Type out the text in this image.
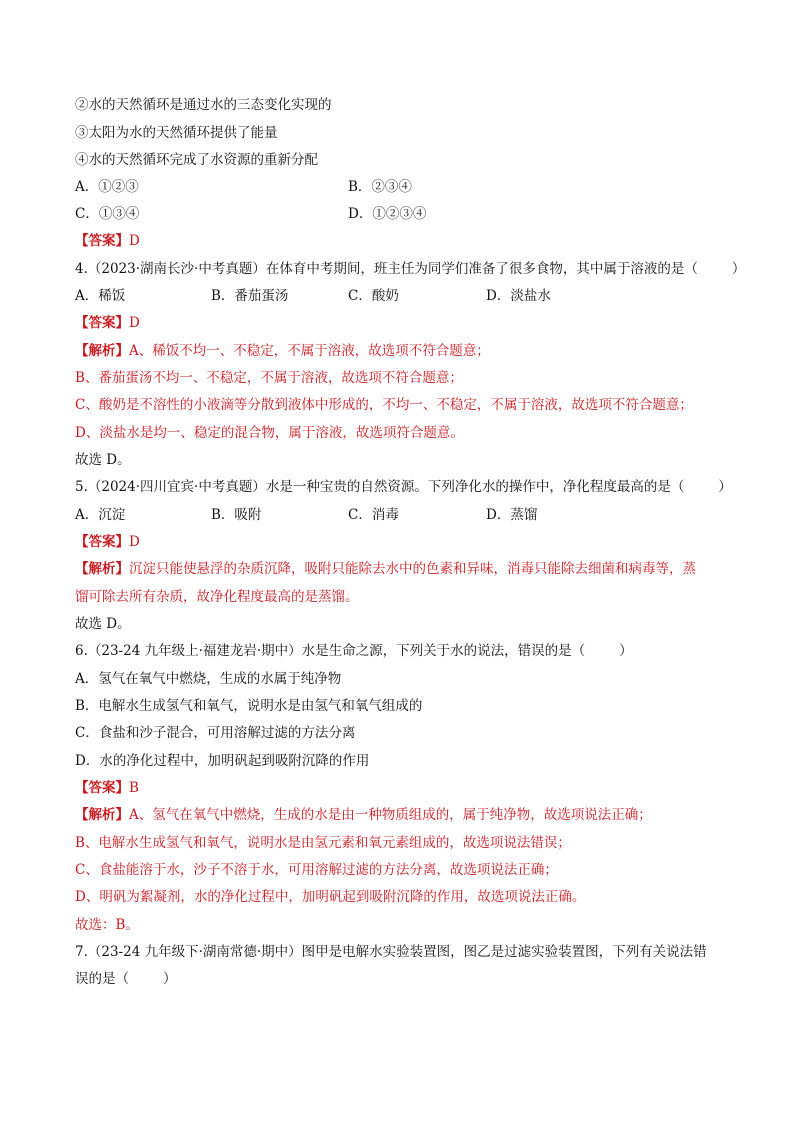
②水的天然循环是通过水的三态变化实现的
③太阳为水的天然循环提供了能量
④水的天然循环完成了水资源的重新分配
A．①②③	B．②③④
C．①③④	D．①②③④
【答案】D
4.（2023·湖南长沙·中考真题）在体育中考期间，班主任为同学们准备了很多食物，其中属于溶液的是（	）
A．稀饭	B．番茄蛋汤	C．酸奶	D．淡盐水
【答案】D
【解析】A、稀饭不均一、不稳定，不属于溶液，故选项不符合题意；
B、番茄蛋汤不均一、不稳定，不属于溶液，故选项不符合题意；
C、酸奶是不溶性的小液滴等分散到液体中形成的，不均一、不稳定，不属于溶液，故选项不符合题意；
D、淡盐水是均一、稳定的混合物，属于溶液，故选项符合题意。
故选 D。
5.（2024·四川宜宾·中考真题）水是一种宝贵的自然资源。下列净化水的操作中，净化程度最高的是（	）
A．沉淀	B．吸附	C．消毒	D．蒸馏
【答案】D
【解析】沉淀只能使悬浮的杂质沉降，吸附只能除去水中的色素和异味，消毒只能除去细菌和病毒等，蒸
馏可除去所有杂质，故净化程度最高的是蒸馏。
故选 D。
6.（23-24 九年级上·福建龙岩·期中）水是生命之源，下列关于水的说法，错误的是（	）
A．氢气在氧气中燃烧，生成的水属于纯净物
B．电解水生成氢气和氧气，说明水是由氢气和氧气组成的
C．食盐和沙子混合，可用溶解过滤的方法分离
D．水的净化过程中，加明矾起到吸附沉降的作用
【答案】B
【解析】A、氢气在氧气中燃烧，生成的水是由一种物质组成的，属于纯净物，故选项说法正确；
B、电解水生成氢气和氧气，说明水是由氢元素和氧元素组成的，故选项说法错误；
C、食盐能溶于水，沙子不溶于水，可用溶解过滤的方法分离，故选项说法正确；
D、明矾为絮凝剂，水的净化过程中，加明矾起到吸附沉降的作用，故选项说法正确。
故选：B。
7.（23-24 九年级下·湖南常德·期中）图甲是电解水实验装置图，图乙是过滤实验装置图，下列有关说法错
误的是（	）
